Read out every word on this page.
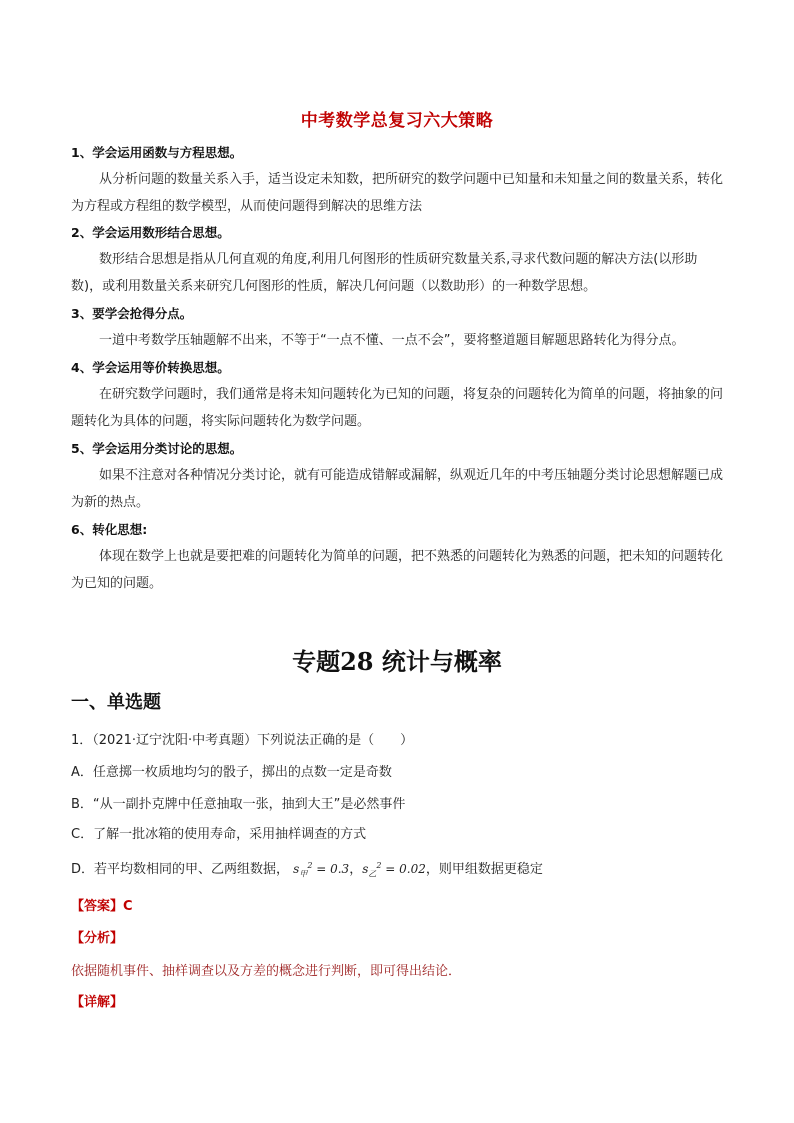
中考数学总复习六大策略
1、学会运用函数与方程思想。
从分析问题的数量关系入手，适当设定未知数，把所研究的数学问题中已知量和未知量之间的数量关系，转化为方程或方程组的数学模型，从而使问题得到解决的思维方法
2、学会运用数形结合思想。
数形结合思想是指从几何直观的角度,利用几何图形的性质研究数量关系,寻求代数问题的解决方法(以形助数)，或利用数量关系来研究几何图形的性质，解决几何问题（以数助形）的一种数学思想。
3、要学会抢得分点。
一道中考数学压轴题解不出来，不等于“一点不懂、一点不会”，要将整道题目解题思路转化为得分点。
4、学会运用等价转换思想。
在研究数学问题时，我们通常是将未知问题转化为已知的问题，将复杂的问题转化为简单的问题，将抽象的问题转化为具体的问题，将实际问题转化为数学问题。
5、学会运用分类讨论的思想。
如果不注意对各种情况分类讨论，就有可能造成错解或漏解，纵观近几年的中考压轴题分类讨论思想解题已成为新的热点。
6、转化思想:
体现在数学上也就是要把难的问题转化为简单的问题，把不熟悉的问题转化为熟悉的问题，把未知的问题转化为已知的问题。
专题28 统计与概率
一、单选题
1．（2021·辽宁沈阳·中考真题）下列说法正确的是（　　）
A．任意掷一枚质地均匀的骰子，掷出的点数一定是奇数
B．“从一副扑克牌中任意抽取一张，抽到大王”是必然事件
C．了解一批冰箱的使用寿命，采用抽样调查的方式
D．若平均数相同的甲、乙两组数据， $s_甲^2 = 0.3$，$s_乙^2 = 0.02$，则甲组数据更稳定
【答案】C
【分析】
依据随机事件、抽样调查以及方差的概念进行判断，即可得出结论．
【详解】
